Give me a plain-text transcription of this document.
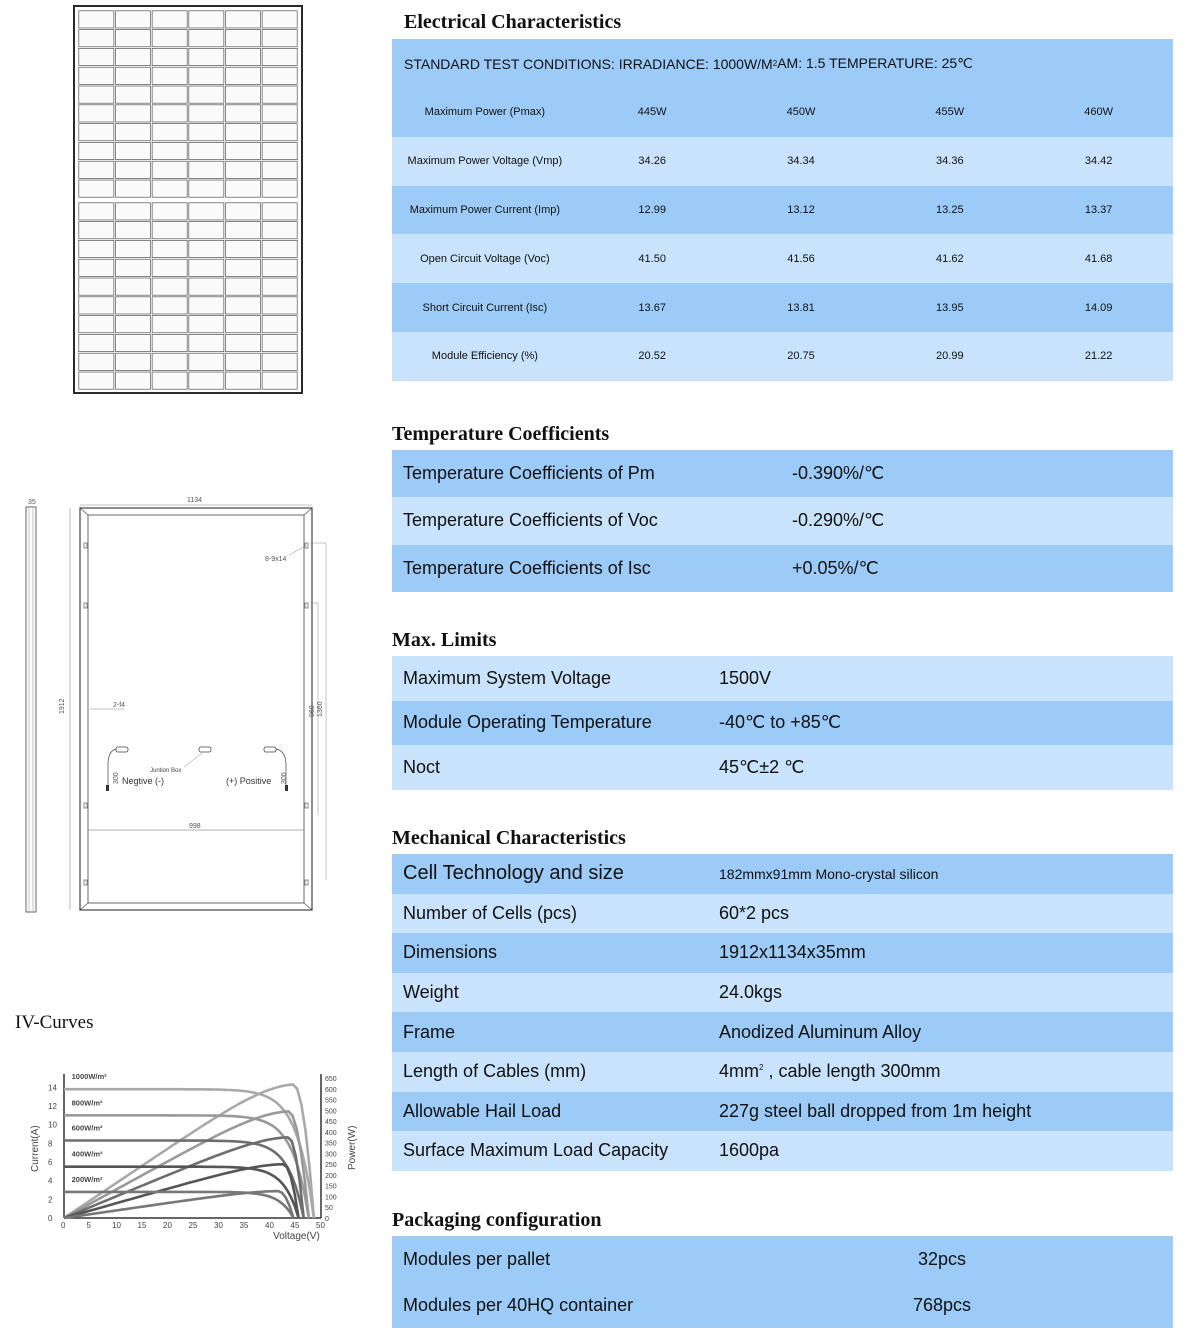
35	1134
1912
998
960 1360
8-9x14
2-f4
300	300
Juntion Box
Negtive (-)	(+) Positive
IV-Curves
0	5	10 15 20 25 30 35 40 45 50
0
2
4
6
8
10
12
14
0
50
100
150
200
250
300
350
400
450
500
550
600
650
Voltage(V)
Current(A)	Power(W)
1000W/m²
800W/m²
600W/m²
400W/m²
200W/m²
Electrical Characteristics
STANDARD TEST CONDITIONS: IRRADIANCE: 1000W/M 2 AM: 1.5 TEMPERATURE: 25℃
Maximum Power (Pmax)	445W	450W	455W	460W
Maximum Power Voltage (Vmp)	34.26	34.34	34.36	34.42
Maximum Power Current (Imp)	12.99	13.12	13.25	13.37
Open Circuit Voltage (Voc)	41.50	41.56	41.62	41.68
Short Circuit Current (Isc)	13.67	13.81	13.95	14.09
Module Efficiency (%)	20.52	20.75	20.99	21.22
Temperature Coefficients
Temperature Coefficients of Pm	-0.390%/℃
Temperature Coefficients of Voc	-0.290%/℃
Temperature Coefficients of Isc	+0.05%/℃
Max. Limits
Maximum System Voltage	1500V
Module Operating Temperature	-40℃ to +85℃
Noct	45℃±2 ℃
Mechanical Characteristics
Cell Technology and size	182mmx91mm Mono-crystal silicon
Number of Cells (pcs)	60*2 pcs
Dimensions	1912x1134x35mm
Weight	24.0kgs
Frame	Anodized Aluminum Alloy
Length of Cables (mm)	$4mm^2$ , cable length 300mm
Allowable Hail Load	227g steel ball dropped from 1m height
Surface Maximum Load Capacity	1600pa
Packaging configuration
Modules per pallet	32pcs
Modules per 40HQ container	768pcs
